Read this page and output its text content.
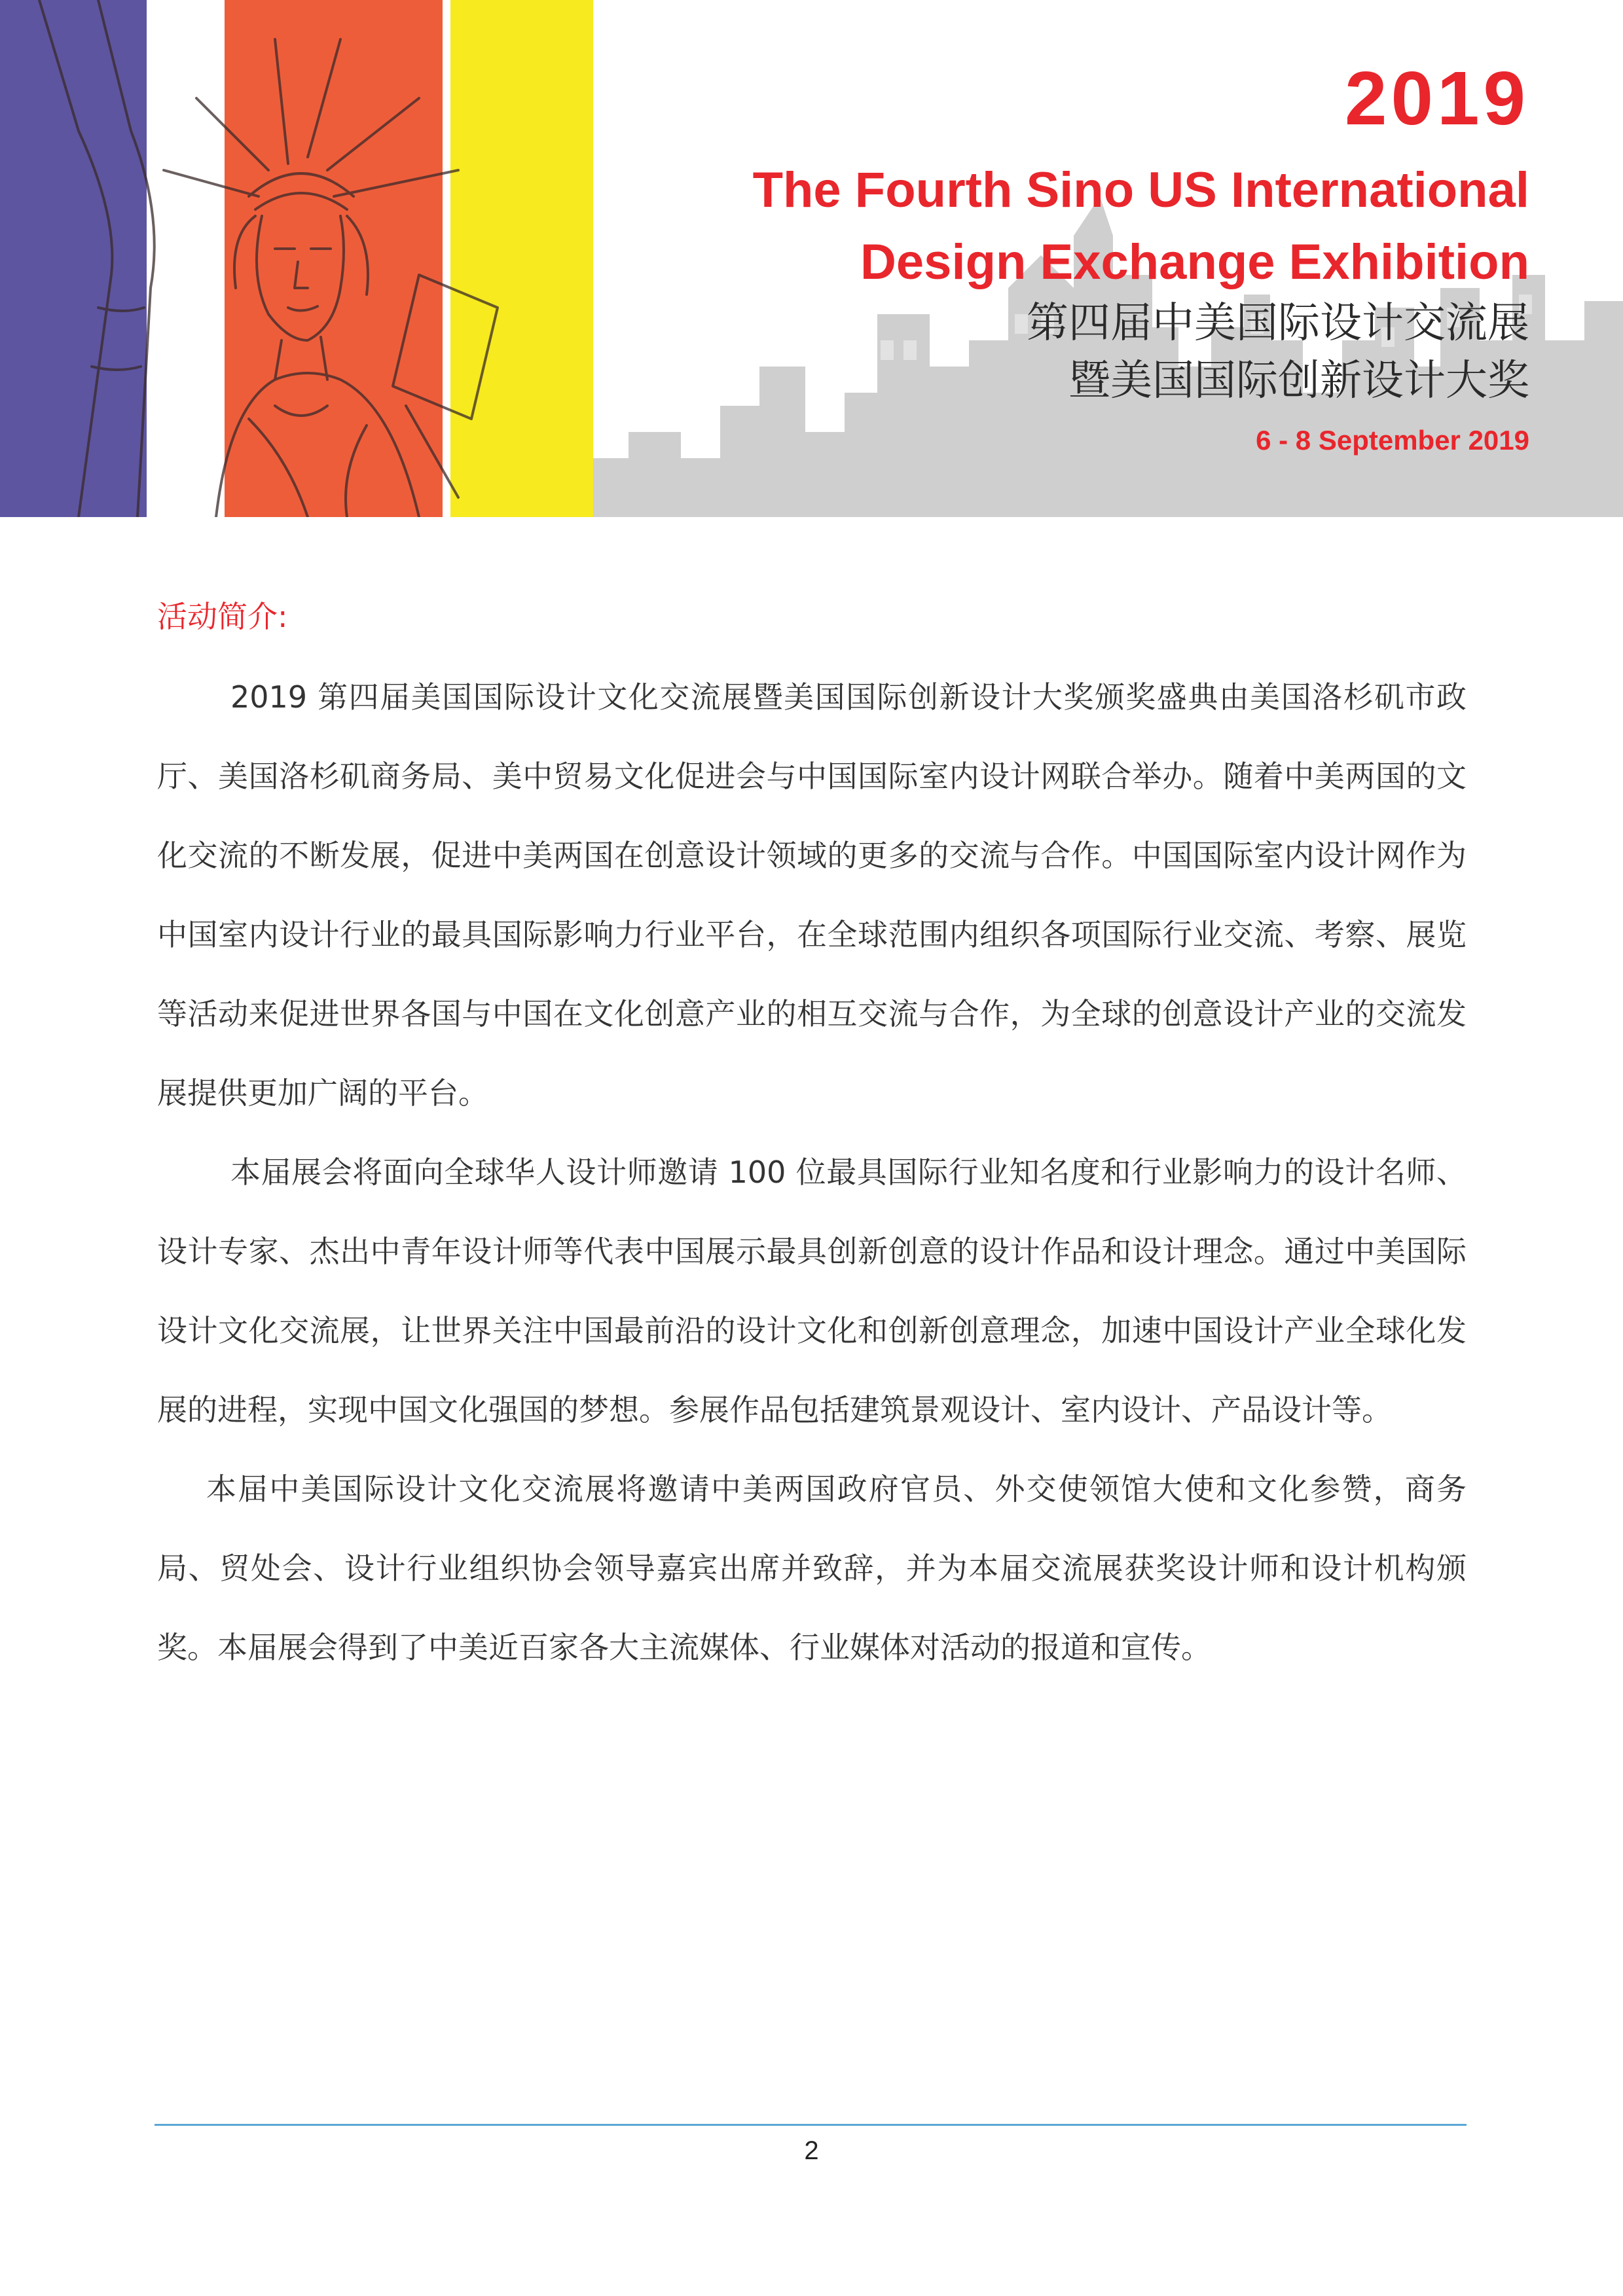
2019
The Fourth Sino US International
Design Exchange Exhibition
第四届中美国际设计交流展
暨美国国际创新设计大奖
6 - 8 September 2019
活动简介:

2019 第四届美国国际设计文化交流展暨美国国际创新设计大奖颁奖盛典由美国洛杉矶市政厅、美国洛杉矶商务局、美中贸易文化促进会与中国国际室内设计网联合举办。随着中美两国的文化交流的不断发展，促进中美两国在创意设计领域的更多的交流与合作。中国国际室内设计网作为中国室内设计行业的最具国际影响力行业平台，在全球范围内组织各项国际行业交流、考察、展览等活动来促进世界各国与中国在文化创意产业的相互交流与合作，为全球的创意设计产业的交流发展提供更加广阔的平台。

本届展会将面向全球华人设计师邀请 100 位最具国际行业知名度和行业影响力的设计名师、设计专家、杰出中青年设计师等代表中国展示最具创新创意的设计作品和设计理念。通过中美国际设计文化交流展，让世界关注中国最前沿的设计文化和创新创意理念，加速中国设计产业全球化发展的进程，实现中国文化强国的梦想。参展作品包括建筑景观设计、室内设计、产品设计等。

本届中美国际设计文化交流展将邀请中美两国政府官员、外交使领馆大使和文化参赞，商务局、贸处会、设计行业组织协会领导嘉宾出席并致辞，并为本届交流展获奖设计师和设计机构颁奖。本届展会得到了中美近百家各大主流媒体、行业媒体对活动的报道和宣传。

2
